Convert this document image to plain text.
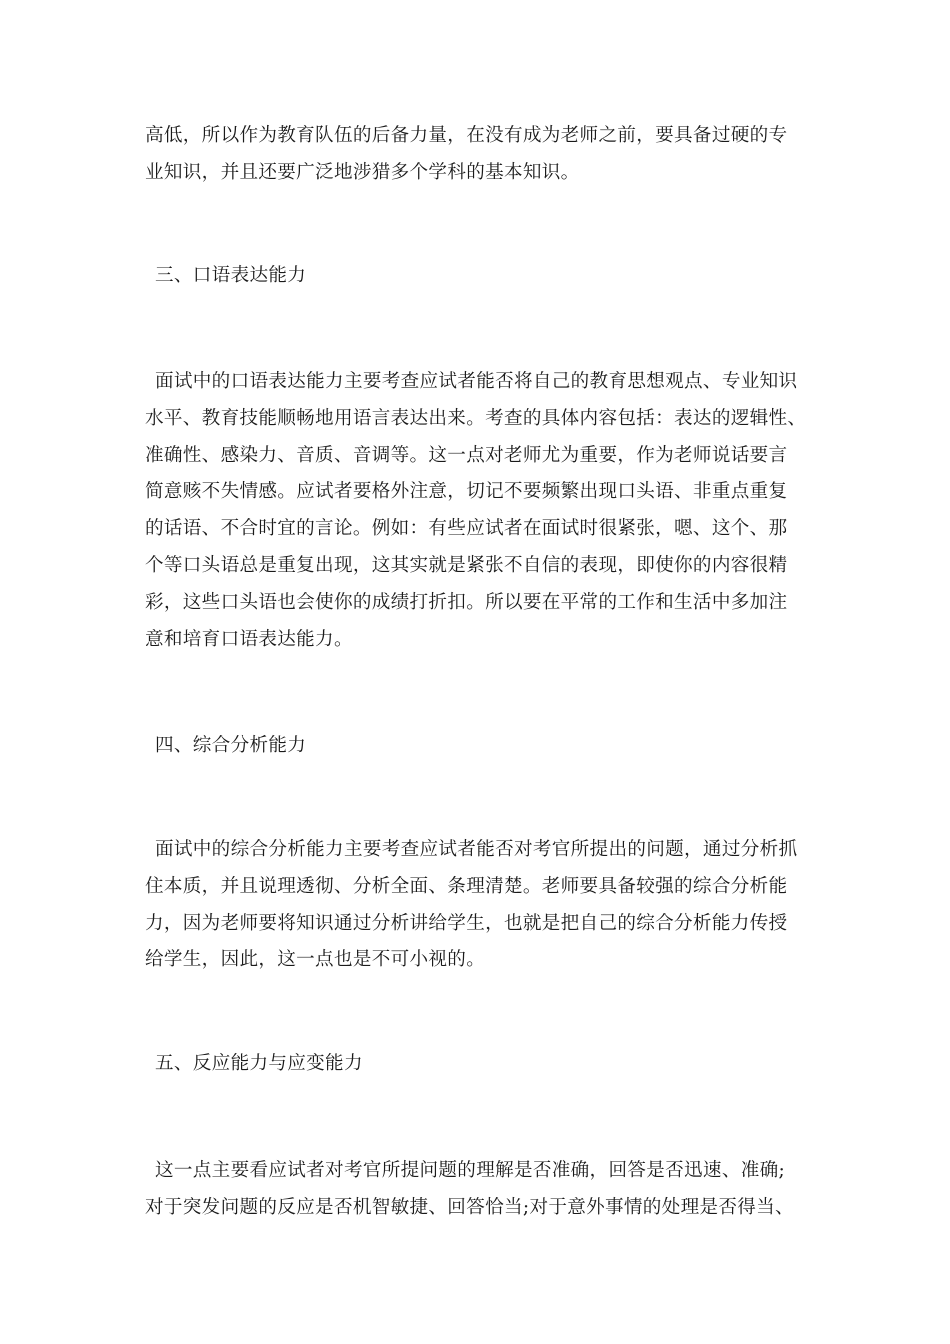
高低，所以作为教育队伍的后备力量，在没有成为老师之前，要具备过硬的专
业知识，并且还要广泛地涉猎多个学科的基本知识。
三、口语表达能力
面试中的口语表达能力主要考查应试者能否将自己的教育思想观点、专业知识
水平、教育技能顺畅地用语言表达出来。考查的具体内容包括：表达的逻辑性、
准确性、感染力、音质、音调等。这一点对老师尤为重要，作为老师说话要言
简意赅不失情感。应试者要格外注意，切记不要频繁出现口头语、非重点重复
的话语、不合时宜的言论。例如：有些应试者在面试时很紧张，嗯、这个、那
个等口头语总是重复出现，这其实就是紧张不自信的表现，即使你的内容很精
彩，这些口头语也会使你的成绩打折扣。所以要在平常的工作和生活中多加注
意和培育口语表达能力。
四、综合分析能力
面试中的综合分析能力主要考查应试者能否对考官所提出的问题，通过分析抓
住本质，并且说理透彻、分析全面、条理清楚。老师要具备较强的综合分析能
力，因为老师要将知识通过分析讲给学生，也就是把自己的综合分析能力传授
给学生，因此，这一点也是不可小视的。
五、反应能力与应变能力
这一点主要看应试者对考官所提问题的理解是否准确，回答是否迅速、准确;
对于突发问题的反应是否机智敏捷、回答恰当;对于意外事情的处理是否得当、
